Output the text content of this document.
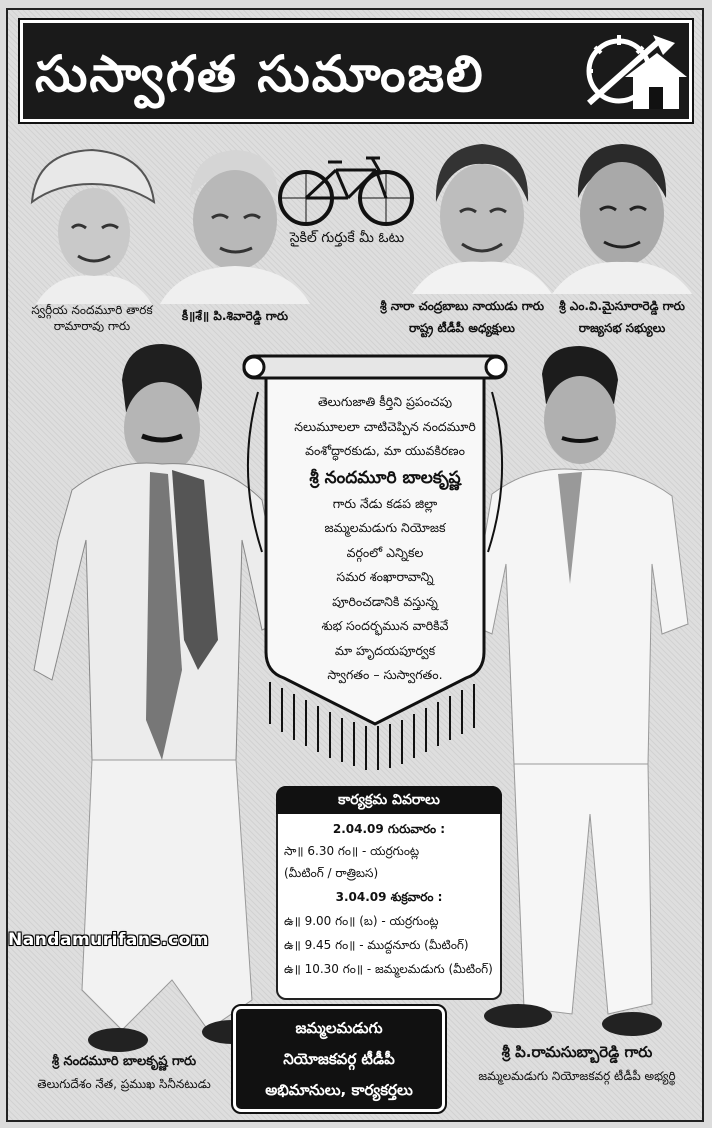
సుస్వాగత సుమాంజలి
స్వర్గీయ నందమూరి తారక
రామారావు గారు
కీ॥శే॥ పి.శివారెడ్డి గారు
సైకిల్ గుర్తుకే మీ ఓటు
శ్రీ నారా చంద్రబాబు నాయుడు గారు
రాష్ట్ర టీడీపీ అధ్యక్షులు
శ్రీ ఎం.వి.మైసూరారెడ్డి గారు
రాజ్యసభ సభ్యులు
తెలుగుజాతి కీర్తిని ప్రపంచపు
నలుమూలలా చాటిచెప్పిన నందమూరి
వంశోద్ధారకుడు, మా యువకిరణం
శ్రీ నందమూరి బాలకృష్ణ
గారు నేడు కడప జిల్లా
జమ్మలమడుగు నియోజక
వర్గంలో ఎన్నికల
సమర శంఖారావాన్ని
పూరించడానికి వస్తున్న
శుభ సందర్భమున వారికివే
మా హృదయపూర్వక
స్వాగతం – సుస్వాగతం.
కార్యక్రమ వివరాలు
2.04.09 గురువారం :
సా॥ 6.30 గం॥ - యర్రగుంట్ల
(మీటింగ్ / రాత్రిబస)
3.04.09 శుక్రవారం :
ఉ॥ 9.00 గం॥ (బ) - యర్రగుంట్ల
ఉ॥ 9.45 గం॥ - ముద్దనూరు (మీటింగ్)
ఉ॥ 10.30 గం॥ - జమ్మలమడుగు (మీటింగ్)
Nandamurifans.com
శ్రీ నందమూరి బాలకృష్ణ గారు
తెలుగుదేశం నేత, ప్రముఖ సినీనటుడు
జమ్మలమడుగు
నియోజకవర్గ టీడీపీ
అభిమానులు, కార్యకర్తలు
శ్రీ పి.రామసుబ్బారెడ్డి గారు
జమ్మలమడుగు నియోజకవర్గ టీడీపీ అభ్యర్థి
